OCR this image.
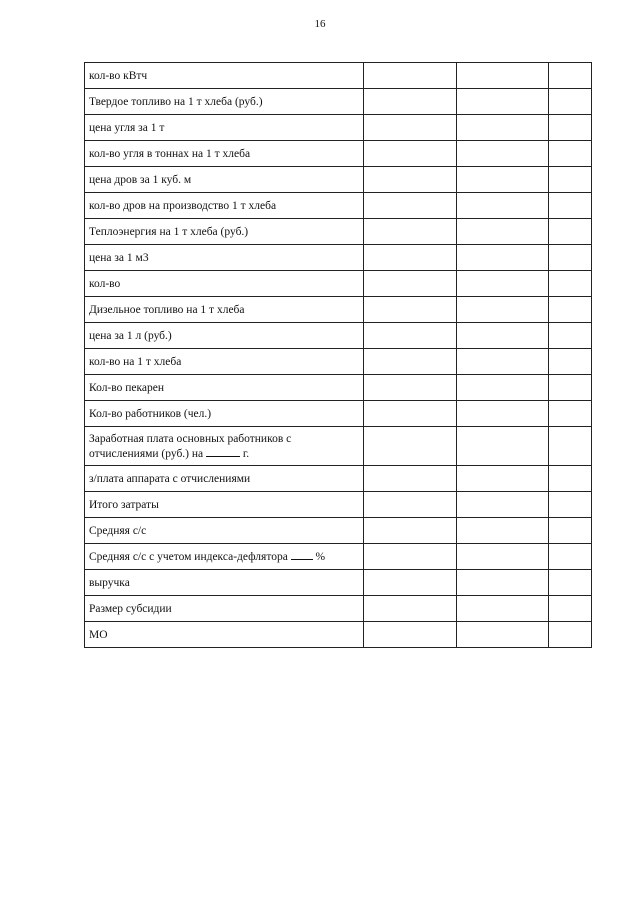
16
кол-во кВтч			
Твердое топливо на 1 т хлеба (руб.)			
цена угля за 1 т			
кол-во угля в тоннах на 1 т хлеба			
цена дров за 1 куб. м			
кол-во дров на производство 1 т хлеба			
Теплоэнергия на 1 т хлеба (руб.)			
цена за 1 м3			
кол-во			
Дизельное топливо на 1 т хлеба			
цена за 1 л (руб.)			
кол-во на 1 т хлеба			
Кол-во пекарен			
Кол-во работников (чел.)			
Заработная плата основных работников с
отчислениями (руб.) на г.			
з/плата аппарата с отчислениями			
Итого затраты			
Средняя с/с			
Средняя с/с с учетом индекса-дефлятора %			
выручка			
Размер субсидии			
МО			
